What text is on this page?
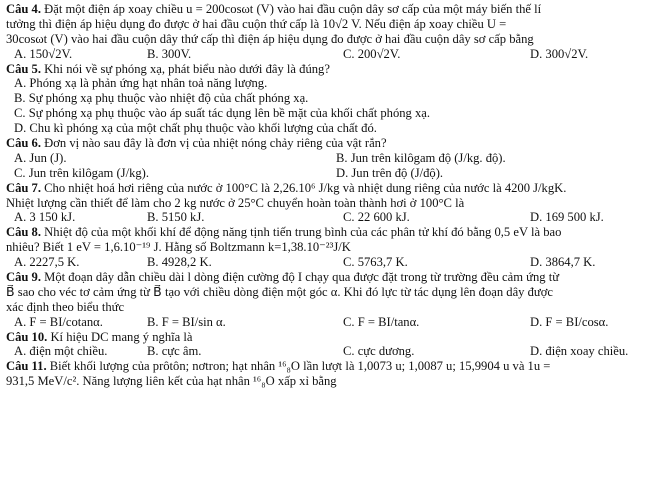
Câu 4. Đặt một điện áp xoay chiều u = 200cosωt (V) vào hai đầu cuộn dây sơ cấp của một máy biến thế lí
tưởng thì điện áp hiệu dụng đo được ở hai đầu cuộn thứ cấp là 10√2 V. Nếu điện áp xoay chiều U =
30cosωt (V) vào hai đầu cuộn dây thứ cấp thì điện áp hiệu dụng đo được ở hai đầu cuộn dây sơ cấp bằng
A. 150√2V.	B. 300V.	C. 200√2V.	D. 300√2V.
Câu 5. Khi nói về sự phóng xạ, phát biểu nào dưới đây là đúng?
A. Phóng xạ là phản ứng hạt nhân toả năng lượng.
B. Sự phóng xạ phụ thuộc vào nhiệt độ của chất phóng xạ.
C. Sự phóng xạ phụ thuộc vào áp suất tác dụng lên bề mặt của khối chất phóng xạ.
D. Chu kì phóng xạ của một chất phụ thuộc vào khối lượng của chất đó.
Câu 6. Đơn vị nào sau đây là đơn vị của nhiệt nóng chảy riêng của vật rắn?
A. Jun (J).	B. Jun trên kilôgam độ (J/kg. độ).
C. Jun trên kilôgam (J/kg).	D. Jun trên độ (J/độ).
Câu 7. Cho nhiệt hoá hơi riêng của nước ở 100°C là 2,26.10⁶ J/kg và nhiệt dung riêng của nước là 4200 J/kgK.
Nhiệt lượng cần thiết để làm cho 2 kg nước ở 25°C chuyển hoàn toàn thành hơi ở 100°C là
A. 3 150 kJ.	B. 5150 kJ.	C. 22 600 kJ.	D. 169 500 kJ.
Câu 8. Nhiệt độ của một khối khí để động năng tịnh tiến trung bình của các phân tử khí đó bằng 0,5 eV là bao
nhiêu? Biết 1 eV = 1,6.10⁻¹⁹ J. Hằng số Boltzmann k=1,38.10⁻²³J/K
A. 2227,5 K.	B. 4928,2 K.	C. 5763,7 K.	D. 3864,7 K.
Câu 9. Một đoạn dây dẫn chiều dài l dòng điện cường độ I chạy qua được đặt trong từ trường đều cảm ứng từ
B⃗ sao cho véc tơ cảm ứng từ B⃗ tạo với chiều dòng điện một góc α. Khi đó lực từ tác dụng lên đoạn dây được
xác định theo biểu thức
A. F = BI/cotanα.	B. F = BI/sin α.	C. F = BI/tanα.	D. F = BI/cosα.
Câu 10. Kí hiệu DC mang ý nghĩa là
A. điện một chiều.	B. cực âm.	C. cực dương.	D. điện xoay chiều.
Câu 11. Biết khối lượng của prôtôn; nơtron; hạt nhân ¹⁶₈O lần lượt là 1,0073 u; 1,0087 u; 15,9904 u và 1u =
931,5 MeV/c². Năng lượng liên kết của hạt nhân ¹⁶₈O xấp xỉ bằng
